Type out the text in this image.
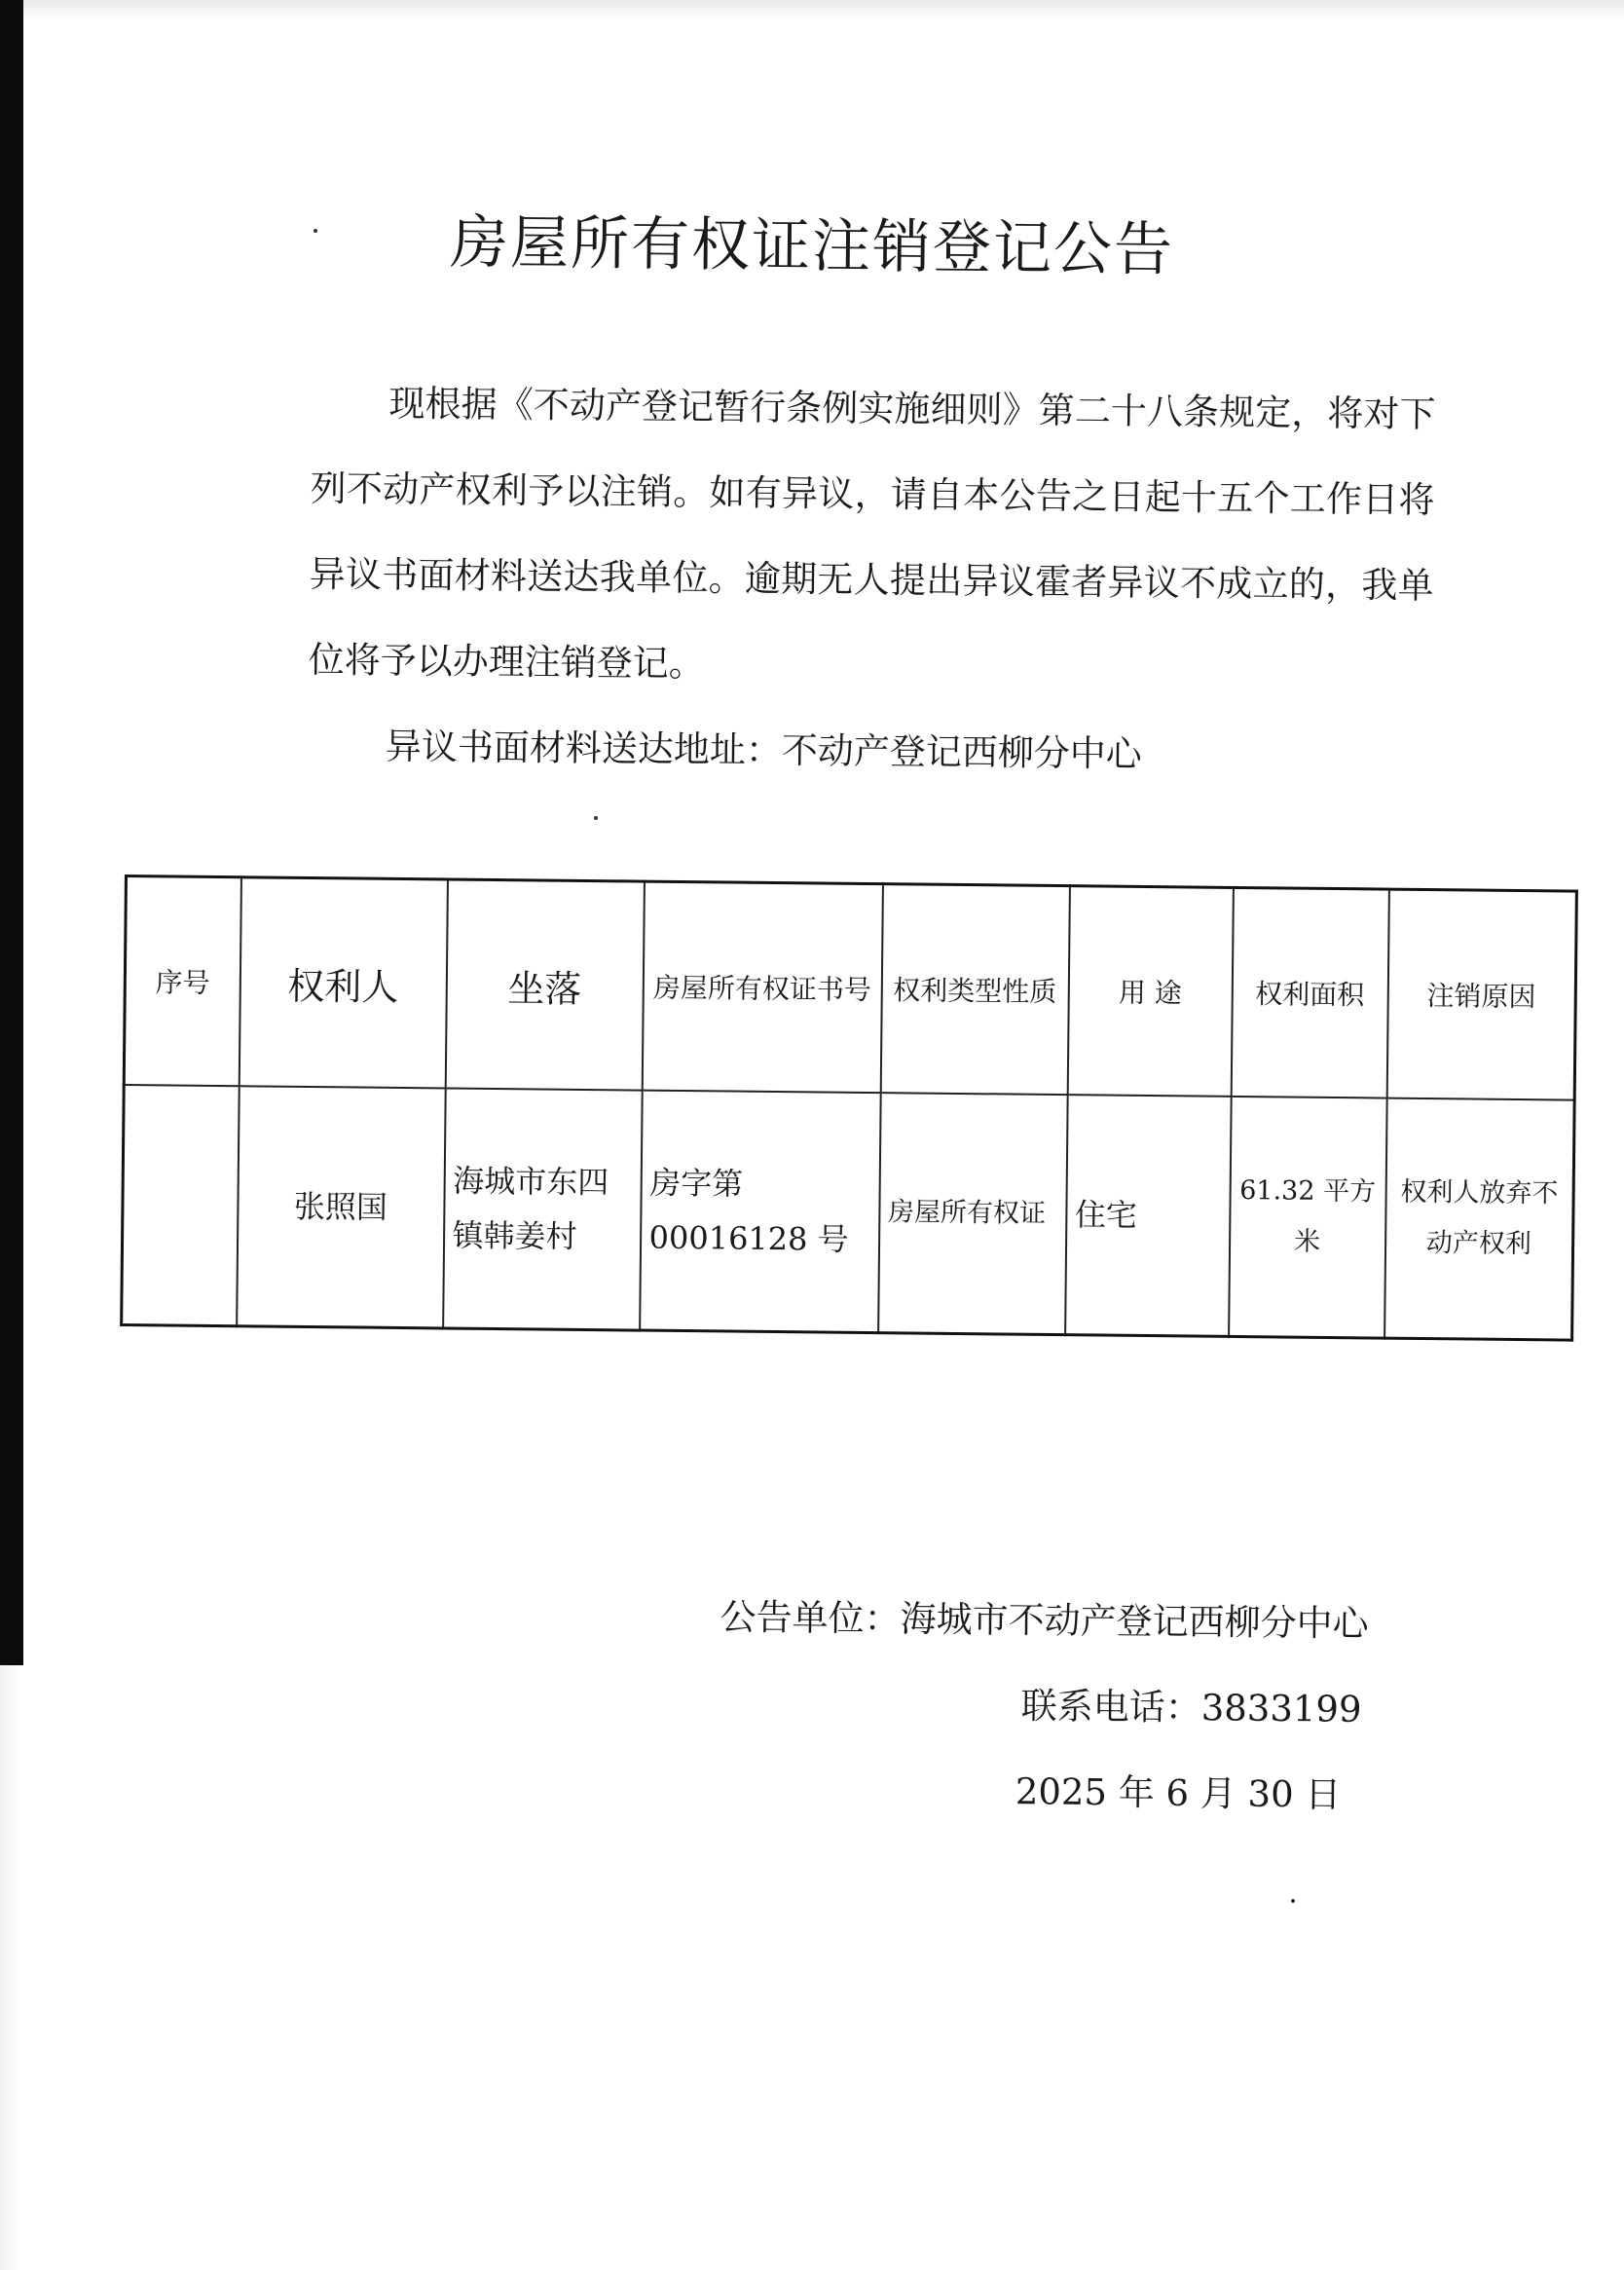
房屋所有权证注销登记公告

现根据《不动产登记暂行条例实施细则》第二十八条规定，将对下列不动产权利予以注销。如有异议，请自本公告之日起十五个工作日将异议书面材料送达我单位。逾期无人提出异议霍者异议不成立的，我单位将予以办理注销登记。

异议书面材料送达地址：不动产登记西柳分中心

序号	权利人	坐落	房屋所有权证书号	权利类型性质	用 途	权利面积	注销原因
	张照国	海城市东四镇韩姜村	房字第 00016128 号	房屋所有权证	住宅	61.32 平方米	权利人放弃不动产权利
公告单位：海城市不动产登记西柳分中心
联系电话：3833199
2025 年 6 月 30 日
